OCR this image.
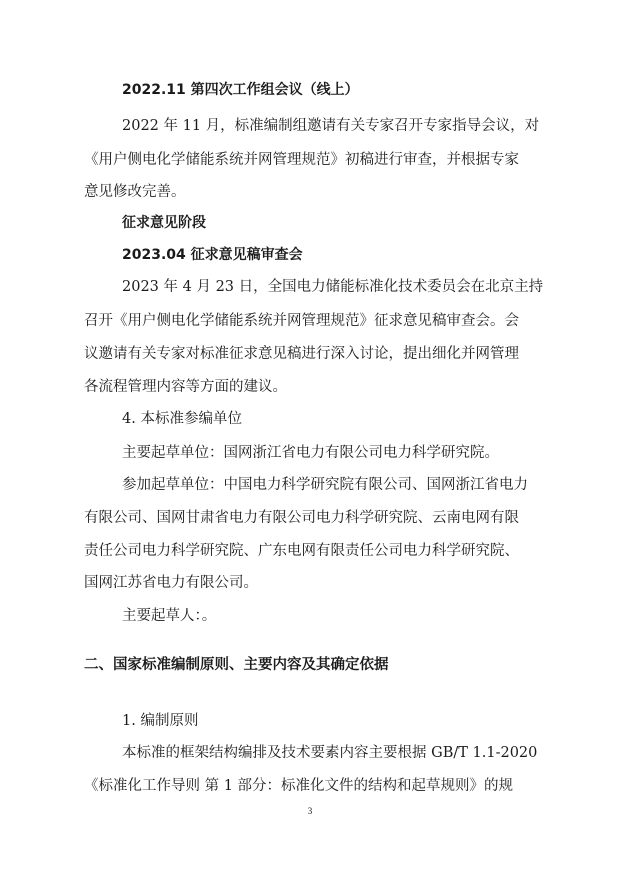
2022.11 第四次工作组会议（线上）
2022 年 11 月，标准编制组邀请有关专家召开专家指导会议，对
《用户侧电化学储能系统并网管理规范》初稿进行审查，并根据专家
意见修改完善。
征求意见阶段
2023.04 征求意见稿审查会
2023 年 4 月 23 日，全国电力储能标准化技术委员会在北京主持
召开《用户侧电化学储能系统并网管理规范》征求意见稿审查会。会
议邀请有关专家对标准征求意见稿进行深入讨论，提出细化并网管理
各流程管理内容等方面的建议。
4. 本标准参编单位
主要起草单位：国网浙江省电力有限公司电力科学研究院。
参加起草单位：中国电力科学研究院有限公司、国网浙江省电力
有限公司、国网甘肃省电力有限公司电力科学研究院、云南电网有限
责任公司电力科学研究院、广东电网有限责任公司电力科学研究院、
国网江苏省电力有限公司。
主要起草人：。
二、国家标准编制原则、主要内容及其确定依据
1. 编制原则
本标准的框架结构编排及技术要素内容主要根据 GB/T 1.1-2020
《标准化工作导则 第 1 部分：标准化文件的结构和起草规则》的规
3
